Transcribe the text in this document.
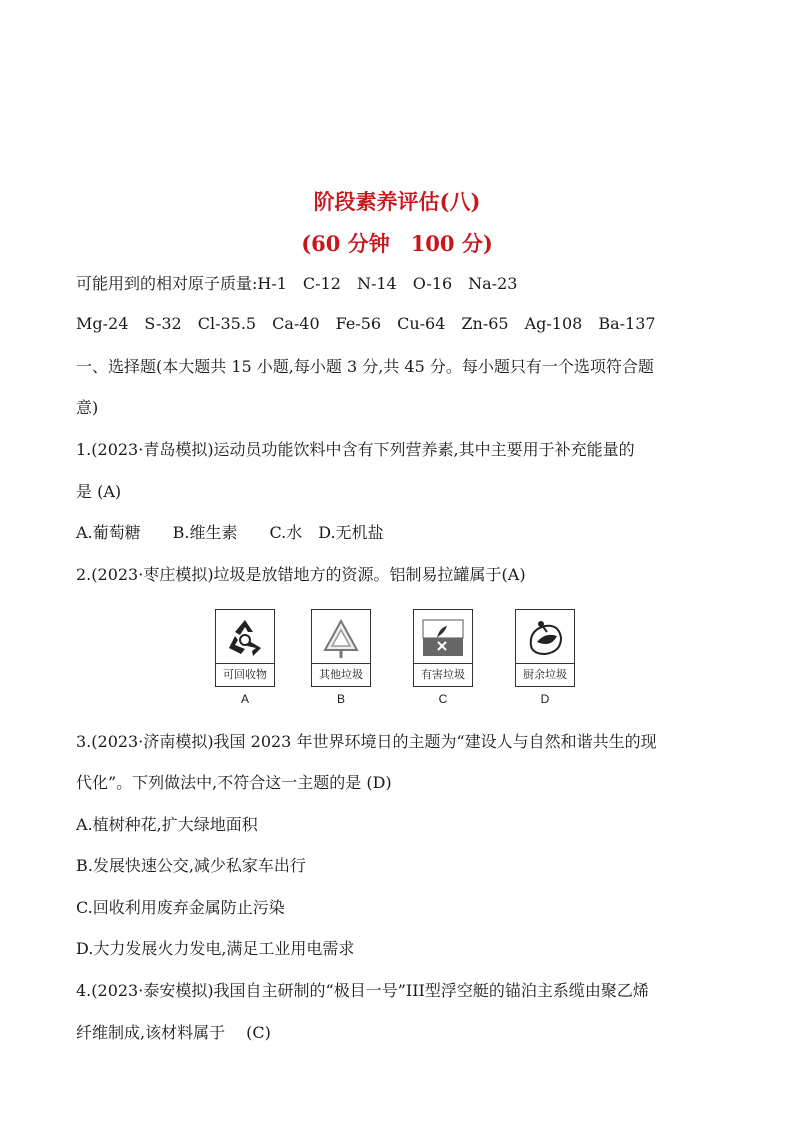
阶段素养评估(八)
(60 分钟　100 分)
可能用到的相对原子质量:H-1　C-12　N-14　O-16　Na-23
Mg-24　S-32　Cl-35.5　Ca-40　Fe-56　Cu-64　Zn-65　Ag-108　Ba-137
一、选择题(本大题共 15 小题,每小题 3 分,共 45 分。每小题只有一个选项符合题
意)
1.(2023·青岛模拟)运动员功能饮料中含有下列营养素,其中主要用于补充能量的
是 (A)
A.葡萄糖　　B.维生素　　C.水　D.无机盐
2.(2023·枣庄模拟)垃圾是放错地方的资源。铝制易拉罐属于(A)
可回收物
A
其他垃圾
B
有害垃圾
C
厨余垃圾
D
3.(2023·济南模拟)我国 2023 年世界环境日的主题为“建设人与自然和谐共生的现
代化”。下列做法中,不符合这一主题的是 (D)
A.植树种花,扩大绿地面积
B.发展快速公交,减少私家车出行
C.回收利用废弃金属防止污染
D.大力发展火力发电,满足工业用电需求
4.(2023·泰安模拟)我国自主研制的“极目一号”III型浮空艇的锚泊主系缆由聚乙烯
纤维制成,该材料属于　 (C)
